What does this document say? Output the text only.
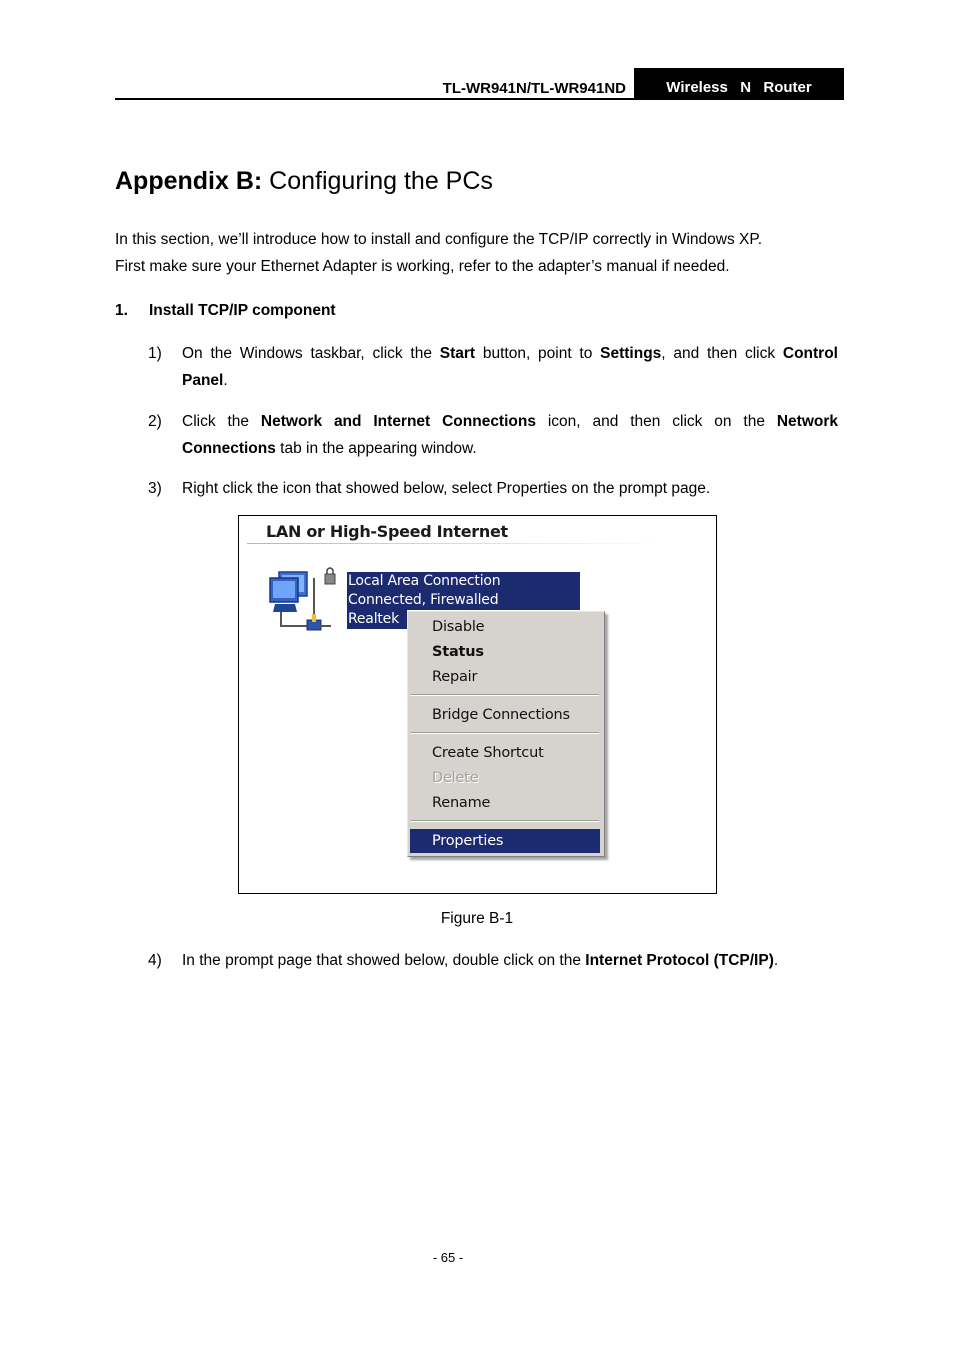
TL-WR941N/TL-WR941ND	Wireless  N  Router
Appendix B: Configuring the PCs
In this section, we’ll introduce how to install and configure the TCP/IP correctly in Windows XP.
First make sure your Ethernet Adapter is working, refer to the adapter’s manual if needed.
1. Install TCP/IP component
1) On the Windows taskbar, click the Start button, point to Settings, and then click Control Panel.
2) Click the Network and Internet Connections icon, and then click on the Network Connections tab in the appearing window.
3) Right click the icon that showed below, select Properties on the prompt page.
LAN or High-Speed Internet
Local Area Connection
Connected, Firewalled
Realtek	Disable
Status
Repair
Bridge Connections
Create Shortcut
Delete
Rename
Properties
Figure B-1
4) In the prompt page that showed below, double click on the Internet Protocol (TCP/IP).
- 65 -
